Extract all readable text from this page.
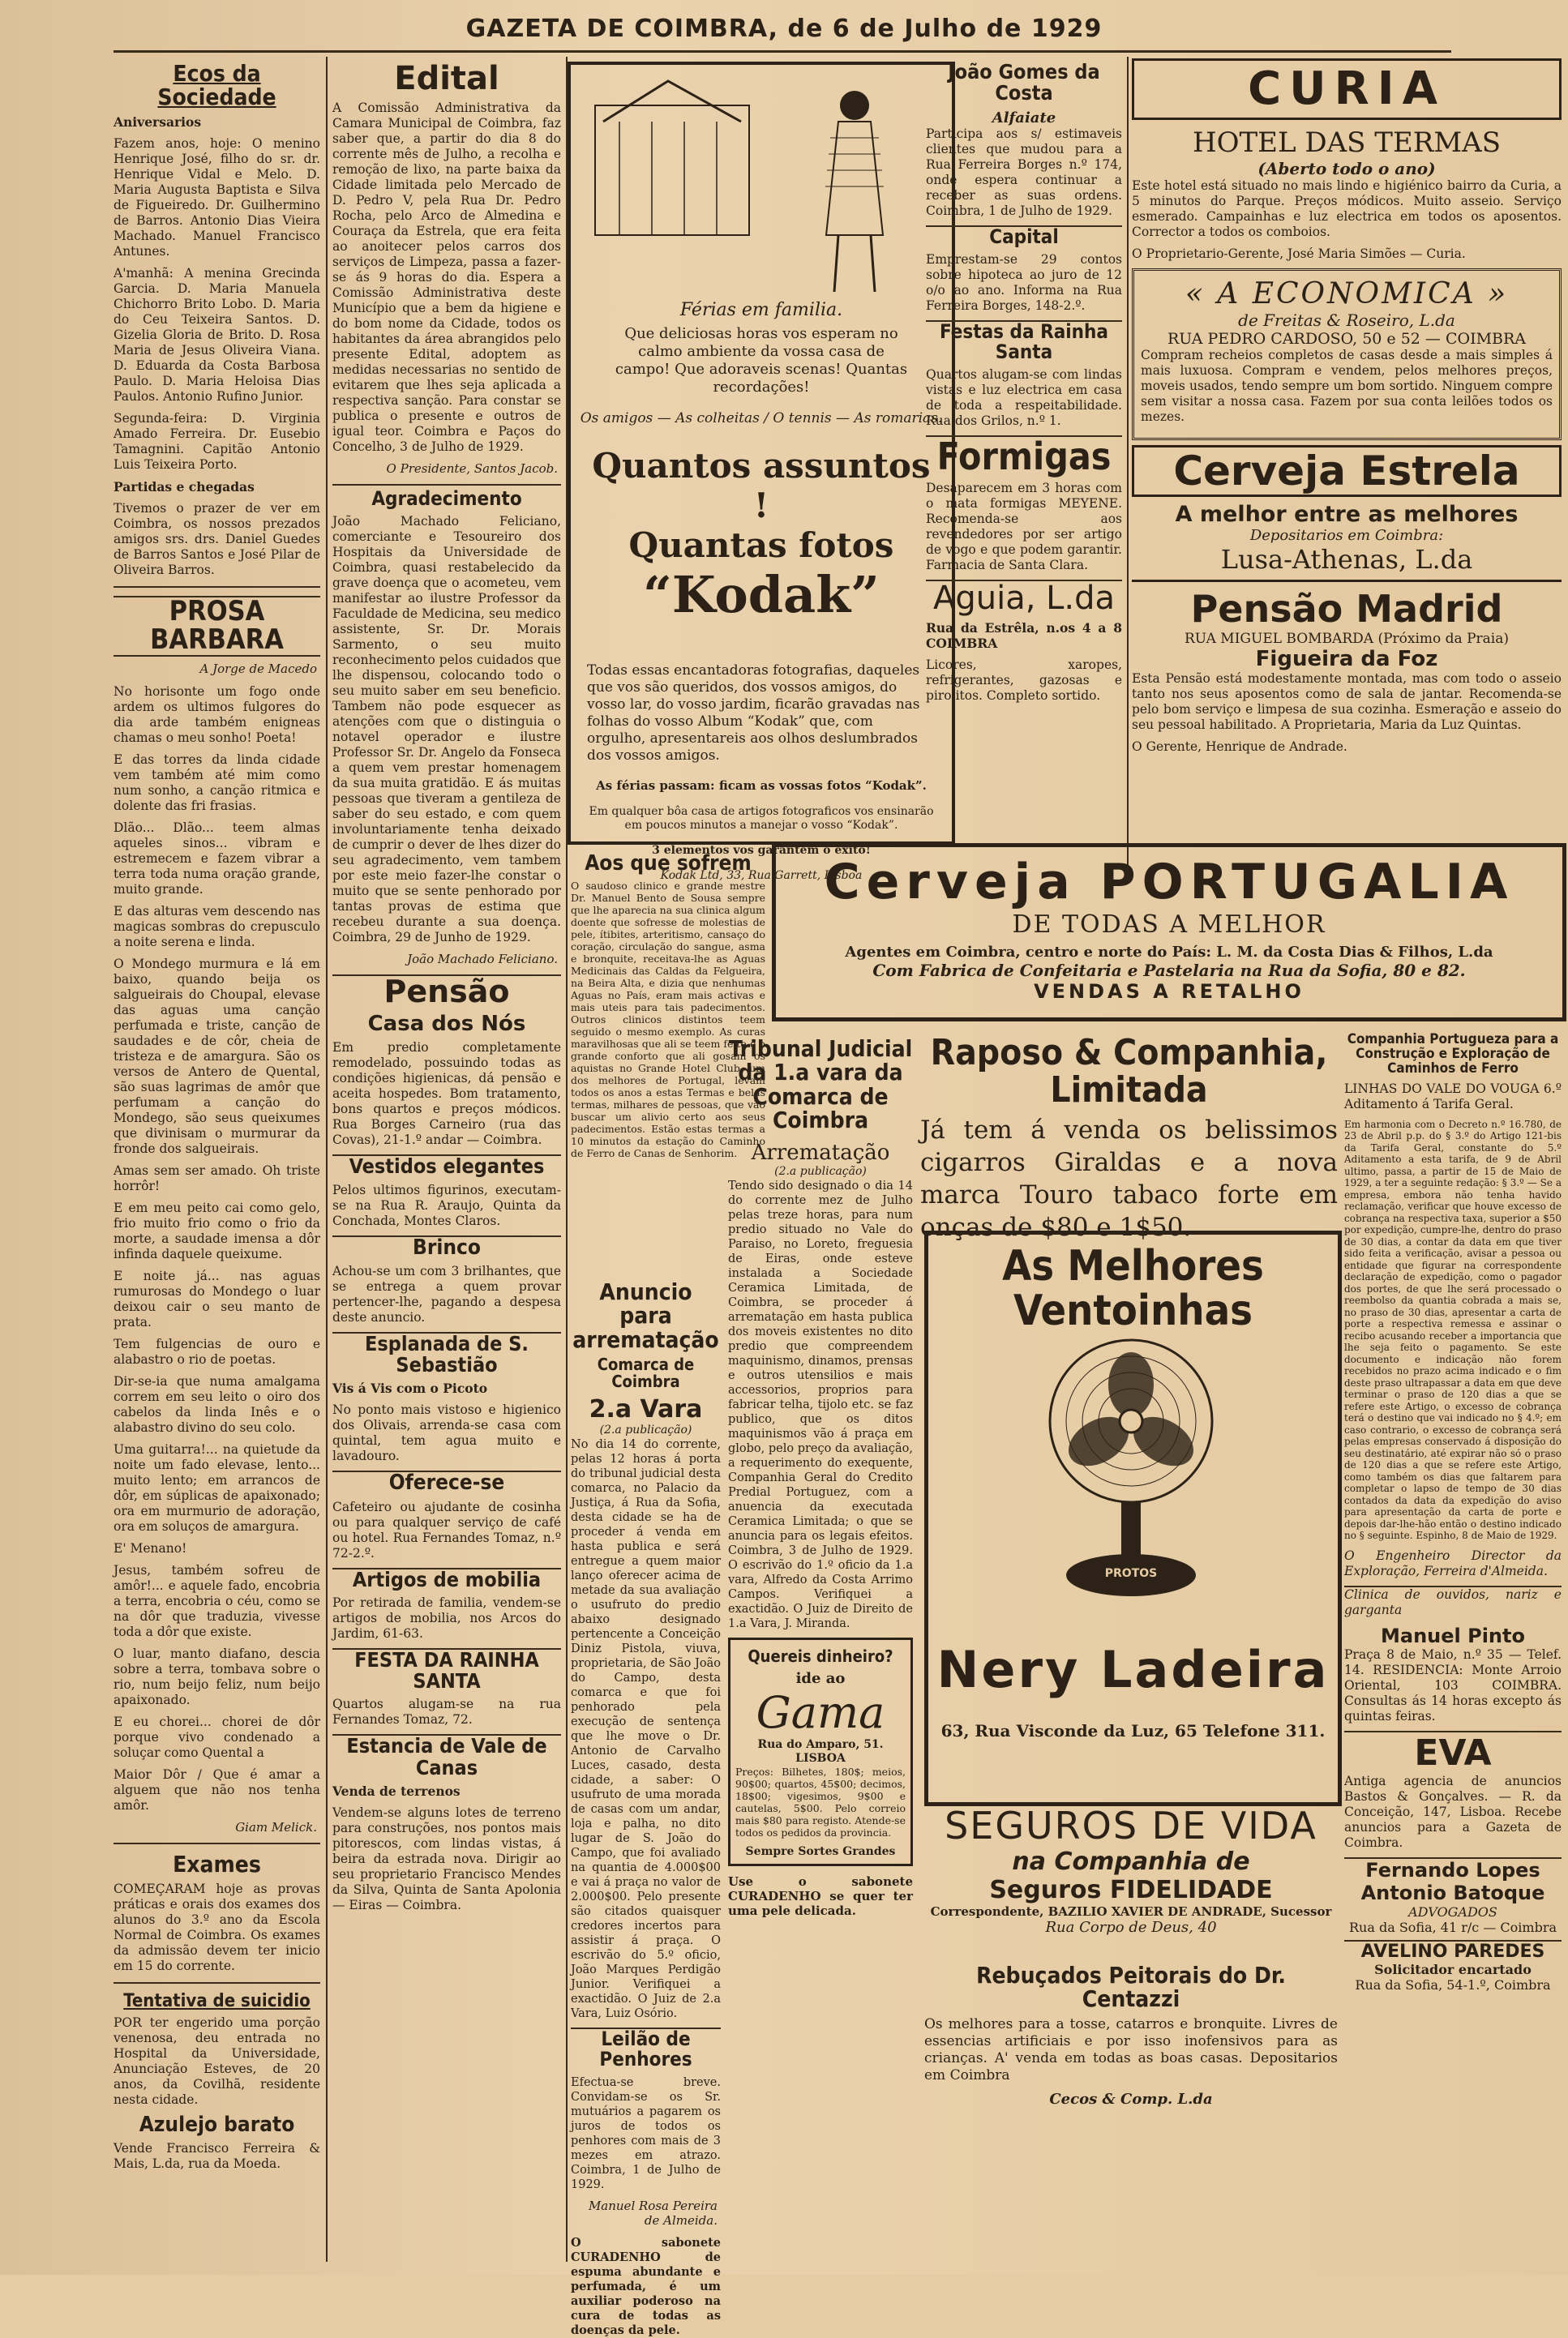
GAZETA DE COIMBRA, de 6 de Julho de 1929
Ecos da Sociedade

Aniversarios

Fazem anos, hoje: O menino Henrique José, filho do sr. dr. Henrique Vidal e Melo. D. Maria Augusta Baptista e Silva de Figueiredo. Dr. Guilhermino de Barros. Antonio Dias Vieira Machado. Manuel Francisco Antunes.

A'manhã: A menina Grecinda Garcia. D. Maria Manuela Chichorro Brito Lobo. D. Maria do Ceu Teixeira Santos. D. Gizelia Gloria de Brito. D. Rosa Maria de Jesus Oliveira Viana. D. Eduarda da Costa Barbosa Paulo. D. Maria Heloisa Dias Paulos. Antonio Rufino Junior.

Segunda-feira: D. Virginia Amado Ferreira. Dr. Eusebio Tamagnini. Capitão Antonio Luis Teixeira Porto.

Partidas e chegadas

Tivemos o prazer de ver em Coimbra, os nossos prezados amigos srs. drs. Daniel Guedes de Barros Santos e José Pilar de Oliveira Barros.

PROSA BARBARA
A Jorge de Macedo

No horisonte um fogo onde ardem os ultimos fulgores do dia arde também enigneas chamas o meu sonho! Poeta!

E das torres da linda cidade vem também até mim como num sonho, a canção ritmica e dolente das fri frasias.

Dlão... Dlão... teem almas aqueles sinos... vibram e estremecem e fazem vibrar a terra toda numa oração grande, muito grande.

E das alturas vem descendo nas magicas sombras do crepusculo a noite serena e linda.

O Mondego murmura e lá em baixo, quando beija os salgueirais do Choupal, elevase das aguas uma canção perfumada e triste, canção de saudades e de côr, cheia de tristeza e de amargura. São os versos de Antero de Quental, são suas lagrimas de amôr que perfumam a canção do Mondego, são seus queixumes que divinisam o murmurar da fronde dos salgueirais.

Amas sem ser amado. Oh triste horrôr!

E em meu peito cai como gelo, frio muito frio como o frio da morte, a saudade imensa a dôr infinda daquele queixume.

E noite já... nas aguas rumurosas do Mondego o luar deixou cair o seu manto de prata.

Tem fulgencias de ouro e alabastro o rio de poetas.

Dir-se-ia que numa amalgama correm em seu leito o oiro dos cabelos da linda Inês e o alabastro divino do seu colo.

Uma guitarra!... na quietude da noite um fado elevase, lento... muito lento; em arrancos de dôr, em súplicas de apaixonado; ora em murmurio de adoração, ora em soluços de amargura.

E' Menano!

Jesus, também sofreu de amôr!... e aquele fado, encobria a terra, encobria o céu, como se na dôr que traduzia, vivesse toda a dôr que existe.

O luar, manto diafano, descia sobre a terra, tombava sobre o rio, num beijo feliz, num beijo apaixonado.

E eu chorei... chorei de dôr porque vivo condenado a soluçar como Quental a

Maior Dôr / Que é amar a alguem que não nos tenha amôr.

Giam Melick.
Exames

COMEÇARAM hoje as provas práticas e orais dos exames dos alunos do 3.º ano da Escola Normal de Coimbra. Os exames da admissão devem ter inicio em 15 do corrente.

Tentativa de suicidio

POR ter engerido uma porção venenosa, deu entrada no Hospital da Universidade, Anunciação Esteves, de 20 anos, da Covilhã, residente nesta cidade.

Azulejo barato

Vende Francisco Ferreira & Mais, L.da, rua da Moeda.

Edital

A Comissão Administrativa da Camara Municipal de Coimbra, faz saber que, a partir do dia 8 do corrente mês de Julho, a recolha e remoção de lixo, na parte baixa da Cidade limitada pelo Mercado de D. Pedro V, pela Rua Dr. Pedro Rocha, pelo Arco de Almedina e Couraça da Estrela, que era feita ao anoitecer pelos carros dos serviços de Limpeza, passa a fazer-se ás 9 horas do dia. Espera a Comissão Administrativa deste Município que a bem da higiene e do bom nome da Cidade, todos os habitantes da área abrangidos pelo presente Edital, adoptem as medidas necessarias no sentido de evitarem que lhes seja aplicada a respectiva sanção. Para constar se publica o presente e outros de igual teor. Coimbra e Paços do Concelho, 3 de Julho de 1929.

O Presidente, Santos Jacob.
Agradecimento

João Machado Feliciano, comerciante e Tesoureiro dos Hospitais da Universidade de Coimbra, quasi restabelecido da grave doença que o acometeu, vem manifestar ao ilustre Professor da Faculdade de Medicina, seu medico assistente, Sr. Dr. Morais Sarmento, o seu muito reconhecimento pelos cuidados que lhe dispensou, colocando todo o seu muito saber em seu beneficio. Tambem não pode esquecer as atenções com que o distinguia o notavel operador e ilustre Professor Sr. Dr. Angelo da Fonseca a quem vem prestar homenagem da sua muita gratidão. E ás muitas pessoas que tiveram a gentileza de saber do seu estado, e com quem involuntariamente tenha deixado de cumprir o dever de lhes dizer do seu agradecimento, vem tambem por este meio fazer-lhe constar o muito que se sente penhorado por tantas provas de estima que recebeu durante a sua doença. Coimbra, 29 de Junho de 1929.

João Machado Feliciano.
Pensão
Casa dos Nós

Em predio completamente remodelado, possuindo todas as condições higienicas, dá pensão e aceita hospedes. Bom tratamento, bons quartos e preços módicos. Rua Borges Carneiro (rua das Covas), 21-1.º andar — Coimbra.

Vestidos elegantes

Pelos ultimos figurinos, executam-se na Rua R. Araujo, Quinta da Conchada, Montes Claros.

Brinco

Achou-se um com 3 brilhantes, que se entrega a quem provar pertencer-lhe, pagando a despesa deste anuncio.

Esplanada de S. Sebastião

Vis á Vis com o Picoto

No ponto mais vistoso e higienico dos Olivais, arrenda-se casa com quintal, tem agua muito e lavadouro.

Oferece-se

Cafeteiro ou ajudante de cosinha ou para qualquer serviço de café ou hotel. Rua Fernandes Tomaz, n.º 72-2.º.

Artigos de mobilia

Por retirada de familia, vendem-se artigos de mobilia, nos Arcos do Jardim, 61-63.

FESTA DA RAINHA SANTA

Quartos alugam-se na rua Fernandes Tomaz, 72.

Estancia de Vale de Canas

Venda de terrenos

Vendem-se alguns lotes de terreno para construções, nos pontos mais pitorescos, com lindas vistas, á beira da estrada nova. Dirigir ao seu proprietario Francisco Mendes da Silva, Quinta de Santa Apolonia — Eiras — Coimbra.

Férias em familia.

Que deliciosas horas vos esperam no calmo ambiente da vossa casa de campo! Que adoraveis scenas! Quantas recordações!

Os amigos — As colheitas / O tennis — As romarias.

Quantos assuntos !
Quantas fotos
“Kodak”

Todas essas encantadoras fotografias, daqueles que vos são queridos, dos vossos amigos, do vosso lar, do vosso jardim, ficarão gravadas nas folhas do vosso Album “Kodak” que, com orgulho, apresentareis aos olhos deslumbrados dos vossos amigos.

As férias passam: ficam as vossas fotos “Kodak”.

Em qualquer bôa casa de artigos fotograficos vos ensinarão em poucos minutos a manejar o vosso “Kodak”.

3 elementos vos garantem o exito!

Kodak Ltd, 33, Rua Garrett, Lisboa

João Gomes da Costa
Alfaiate

Participa aos s/ estimaveis clientes que mudou para a Rua Ferreira Borges n.º 174, onde espera continuar a receber as suas ordens. Coimbra, 1 de Julho de 1929.

Capital

Emprestam-se 29 contos sobre hipoteca ao juro de 12 o/o ao ano. Informa na Rua Ferreira Borges, 148-2.º.

Festas da Rainha Santa

Quartos alugam-se com lindas vistas e luz electrica em casa de toda a respeitabilidade. Rua dos Grilos, n.º 1.

Formigas

Desaparecem em 3 horas com o mata formigas MEYENE. Recomenda-se aos revendedores por ser artigo de vogo e que podem garantir. Farmacia de Santa Clara.

Aguia, L.da

Rua da Estrêla, n.os 4 a 8 COIMBRA

Licores, xaropes, refrigerantes, gazosas e pirolitos. Completo sortido.

CURIA
HOTEL DAS TERMAS
(Aberto todo o ano)

Este hotel está situado no mais lindo e higiénico bairro da Curia, a 5 minutos do Parque. Preços módicos. Muito asseio. Serviço esmerado. Campainhas e luz electrica em todos os aposentos. Corrector a todos os comboios.

O Proprietario-Gerente, José Maria Simões — Curia.

« A ECONOMICA »
de Freitas & Roseiro, L.da
RUA PEDRO CARDOSO, 50 e 52 — COIMBRA

Compram recheios completos de casas desde a mais simples á mais luxuosa. Compram e vendem, pelos melhores preços, moveis usados, tendo sempre um bom sortido. Ninguem compre sem visitar a nossa casa. Fazem por sua conta leilões todos os mezes.

Cerveja Estrela
A melhor entre as melhores
Depositarios em Coimbra:
Lusa-Athenas, L.da
Pensão Madrid
RUA MIGUEL BOMBARDA (Próximo da Praia)
Figueira da Foz

Esta Pensão está modestamente montada, mas com todo o asseio tanto nos seus aposentos como de sala de jantar. Recomenda-se pelo bom serviço e limpesa de sua cozinha. Esmeração e asseio do seu pessoal habilitado. A Proprietaria, Maria da Luz Quintas.

O Gerente, Henrique de Andrade.

Aos que sofrem

O saudoso clinico e grande mestre Dr. Manuel Bento de Sousa sempre que lhe aparecia na sua clinica algum doente que sofresse de molestias de pele, ítibites, arteritismo, cansaço do coração, circulação do sangue, asma e bronquite, receitava-lhe as Aguas Medicinais das Caldas da Felgueira, na Beira Alta, e dizia que nenhumas Aguas no País, eram mais activas e mais uteis para tais padecimentos. Outros clinicos distintos teem seguido o mesmo exemplo. As curas maravilhosas que ali se teem feito e o grande conforto que ali gosam os aquistas no Grande Hotel Club, um dos melhores de Portugal, levam todos os anos a estas Termas e belas termas, milhares de pessoas, que vão buscar um alivio certo aos seus padecimentos. Estão estas termas a 10 minutos da estação do Caminho de Ferro de Canas de Senhorim.

Cerveja PORTUGALIA
DE TODAS A MELHOR
Agentes em Coimbra, centro e norte do País: L. M. da Costa Dias & Filhos, L.da
Com Fabrica de Confeitaria e Pastelaria na Rua da Sofia, 80 e 82.
VENDAS A RETALHO
Anuncio para arrematação
Comarca de Coimbra
2.a Vara
(2.a publicação)

No dia 14 do corrente, pelas 12 horas á porta do tribunal judicial desta comarca, no Palacio da Justiça, á Rua da Sofia, desta cidade se ha de proceder á venda em hasta publica e será entregue a quem maior lanço oferecer acima de metade da sua avaliação o usufruto do predio abaixo designado pertencente a Conceição Diniz Pistola, viuva, proprietaria, de São João do Campo, desta comarca e que foi penhorado pela execução de sentença que lhe move o Dr. Antonio de Carvalho Luces, casado, desta cidade, a saber: O usufruto de uma morada de casas com um andar, loja e palha, no dito lugar de S. João do Campo, que foi avaliado na quantia de 4.000$00 e vai á praça no valor de 2.000$00. Pelo presente são citados quaisquer credores incertos para assistir á praça. O escrivão do 5.º oficio, João Marques Perdigão Junior. Verifiquei a exactidão. O Juiz de 2.a Vara, Luiz Osório.

Leilão de Penhores

Efectua-se breve. Convidam-se os Sr. mutuários a pagarem os juros de todos os penhores com mais de 3 mezes em atrazo. Coimbra, 1 de Julho de 1929.

Manuel Rosa Pereira de Almeida.

O sabonete CURADENHO de espuma abundante e perfumada, é um auxiliar poderoso na cura de todas as doenças da pele.

Tribunal Judicial da 1.a vara da Comarca de Coimbra
Arrematação
(2.a publicação)

Tendo sido designado o dia 14 do corrente mez de Julho pelas treze horas, para num predio situado no Vale do Paraiso, no Loreto, freguesia de Eiras, onde esteve instalada a Sociedade Ceramica Limitada, de Coimbra, se proceder á arrematação em hasta publica dos moveis existentes no dito predio que compreendem maquinismo, dinamos, prensas e outros utensilios e mais accessorios, proprios para fabricar telha, tijolo etc. se faz publico, que os ditos maquinismos vão á praça em globo, pelo preço da avaliação, a requerimento do exequente, Companhia Geral do Credito Predial Portuguez, com a anuencia da executada Ceramica Limitada; o que se anuncia para os legais efeitos. Coimbra, 3 de Julho de 1929. O escrivão do 1.º oficio da 1.a vara, Alfredo da Costa Arrimo Campos. Verifiquei a exactidão. O Juiz de Direito de 1.a Vara, J. Miranda.

Quereis dinheiro?
ide ao
Gama
Rua do Amparo, 51. LISBOA

Preços: Bilhetes, 180$; meios, 90$00; quartos, 45$00; decimos, 18$00; vigesimos, 9$00 e cautelas, 5$00. Pelo correio mais $80 para registo. Atende-se todos os pedidos da provincia.

Sempre Sortes Grandes

Use o sabonete CURADENHO se quer ter uma pele delicada.

Raposo & Companhia, Limitada

Já tem á venda os belissimos cigarros Giraldas e a nova marca Touro tabaco forte em onças de $80 e 1$50.

As Melhores Ventoinhas
PROTOS
Nery Ladeira
63, Rua Visconde da Luz, 65 Telefone 311.
SEGUROS DE VIDA
na Companhia de
Seguros FIDELIDADE
Correspondente, BAZILIO XAVIER DE ANDRADE, Sucessor
Rua Corpo de Deus, 40
Rebuçados Peitorais do Dr. Centazzi

Os melhores para a tosse, catarros e bronquite. Livres de essencias artificiais e por isso inofensivos para as crianças. A' venda em todas as boas casas. Depositarios em Coimbra

Cecos & Comp. L.da
Companhia Portugueza para a Construção e Exploração de Caminhos de Ferro

LINHAS DO VALE DO VOUGA 6.º Aditamento á Tarifa Geral.

Em harmonia com o Decreto n.º 16.780, de 23 de Abril p.p. do § 3.º do Artigo 121-bis da Tarifa Geral, constante do 5.º Aditamento a esta tarifa, de 9 de Abril ultimo, passa, a partir de 15 de Maio de 1929, a ter a seguinte redação: § 3.º — Se a empresa, embora não tenha havido reclamação, verificar que houve excesso de cobrança na respectiva taxa, superior a $50 por expedição, cumpre-lhe, dentro do praso de 30 dias, a contar da data em que tiver sido feita a verificação, avisar a pessoa ou entidade que figurar na correspondente declaração de expedição, como o pagador dos portes, de que lhe será processado o reembolso da quantia cobrada a mais se, no praso de 30 dias, apresentar a carta de porte a respectiva remessa e assinar o recibo acusando receber a importancia que lhe seja feito o pagamento. Se este documento e indicação não forem recebidos no prazo acima indicado e o fim deste praso ultrapassar a data em que deve terminar o praso de 120 dias a que se refere este Artigo, o excesso de cobrança terá o destino que vai indicado no § 4.º; em caso contrario, o excesso de cobrança será pelas empresas conservado á disposição do seu destinatário, até expirar não só o praso de 120 dias a que se refere este Artigo, como também os dias que faltarem para completar o lapso de tempo de 30 dias contados da data da expedição do aviso para apresentação da carta de porte e depois dar-lhe-hão então o destino indicado no § seguinte. Espinho, 8 de Maio de 1929.

O Engenheiro Director da Exploração, Ferreira d'Almeida.

Clinica de ouvidos, nariz e garganta

Manuel Pinto

Praça 8 de Maio, n.º 35 — Telef. 14. RESIDENCIA: Monte Arroio Oriental, 103 COIMBRA. Consultas ás 14 horas excepto ás quintas feiras.

EVA

Antiga agencia de anuncios Bastos & Gonçalves. — R. da Conceição, 147, Lisboa. Recebe anuncios para a Gazeta de Coimbra.

Fernando Lopes Antonio Batoque
ADVOGADOS
Rua da Sofia, 41 r/c — Coimbra
AVELINO PAREDES
Solicitador encartado
Rua da Sofia, 54-1.º, Coimbra
